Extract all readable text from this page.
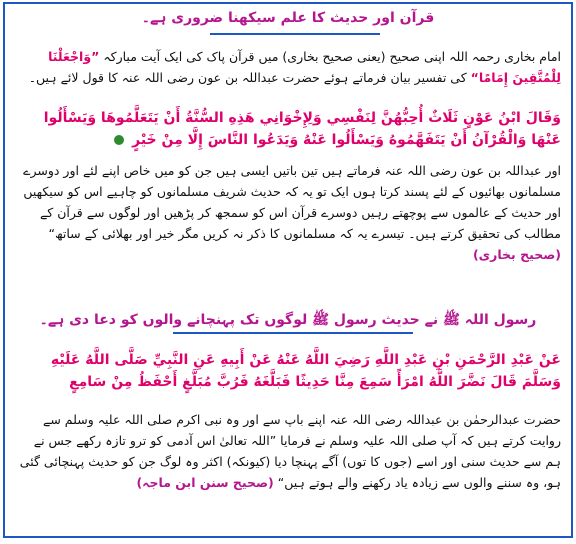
قرآن اور حدیث کا علم سیکھنا ضروری ہے۔
امام بخاری رحمہ اللہ اپنی صحیح (یعنی صحیح بخاری) میں قرآن پاک کی ایک آیت مبارکہ ”وَاجْعَلْنَا لِلْمُتَّقِينَ إِمَامًا“ کی تفسیر بیان فرماتے ہوئے حضرت عبداللہ بن عون رضی اللہ عنہ کا قول لائے ہیں۔
وَقَالَ ابْنُ عَوْنٍ ثَلَاثٌ أُحِبُّهُنَّ لِنَفْسِي وَلِإِخْوَانِي هَذِهِ السُّنَّةُ أَنْ يَتَعَلَّمُوهَا وَيَسْأَلُوا عَنْهَا وَالْقُرْآنُ أَنْ يَتَفَهَّمُوهُ وَيَسْأَلُوا عَنْهُ وَيَدَعُوا النَّاسَ إِلَّا مِنْ خَيْرٍ
اور عبداللہ بن عون رضی اللہ عنہ فرماتے ہیں تین باتیں ایسی ہیں جن کو میں خاص اپنے لئے اور دوسرے مسلمانوں بھائیوں کے لئے پسند کرتا ہوں ایک تو یہ کہ حدیث شریف مسلمانوں کو چاہیے اس کو سیکھیں اور حدیث کے عالموں سے پوچھتے رہیں دوسرے قرآن اس کو سمجھ کر پڑھیں اور لوگوں سے قرآن کے مطالب کی تحقیق کرتے ہیں۔ تیسرے یہ کہ مسلمانوں کا ذکر نہ کریں مگر خیر اور بھلائی کے ساتھ“ (صحیح بخاری)
رسول اللہ ﷺ نے حدیث رسول ﷺ لوگوں تک پہنچانے والوں کو دعا دی ہے۔
عَنْ عَبْدِ الرَّحْمَنِ بْنِ عَبْدِ اللَّهِ رَضِيَ اللَّهُ عَنْهُ عَنْ أَبِيهِ عَنِ النَّبِيِّ صَلَّى اللَّهُ عَلَيْهِ وَسَلَّمَ قَالَ نَضَّرَ اللَّهُ امْرَأً سَمِعَ مِنَّا حَدِيثًا فَبَلَّغَهُ فَرُبَّ مُبَلَّغٍ أَحْفَظُ مِنْ سَامِعٍ
حضرت عبدالرحمٰن بن عبداللہ رضی اللہ عنہ اپنے باپ سے اور وہ نبی اکرم صلی اللہ علیہ وسلم سے روایت کرتے ہیں کہ آپ صلی اللہ علیہ وسلم نے فرمایا ”اللہ تعالیٰ اس آدمی کو ترو تازہ رکھے جس نے ہم سے حدیث سنی اور اسے (جوں کا توں) آگے پہنچا دیا (کیونکہ) اکثر وہ لوگ جن کو حدیث پہنچائی گئی ہو، وہ سننے والوں سے زیادہ یاد رکھنے والے ہوتے ہیں“ (صحیح سنن ابن ماجہ)
